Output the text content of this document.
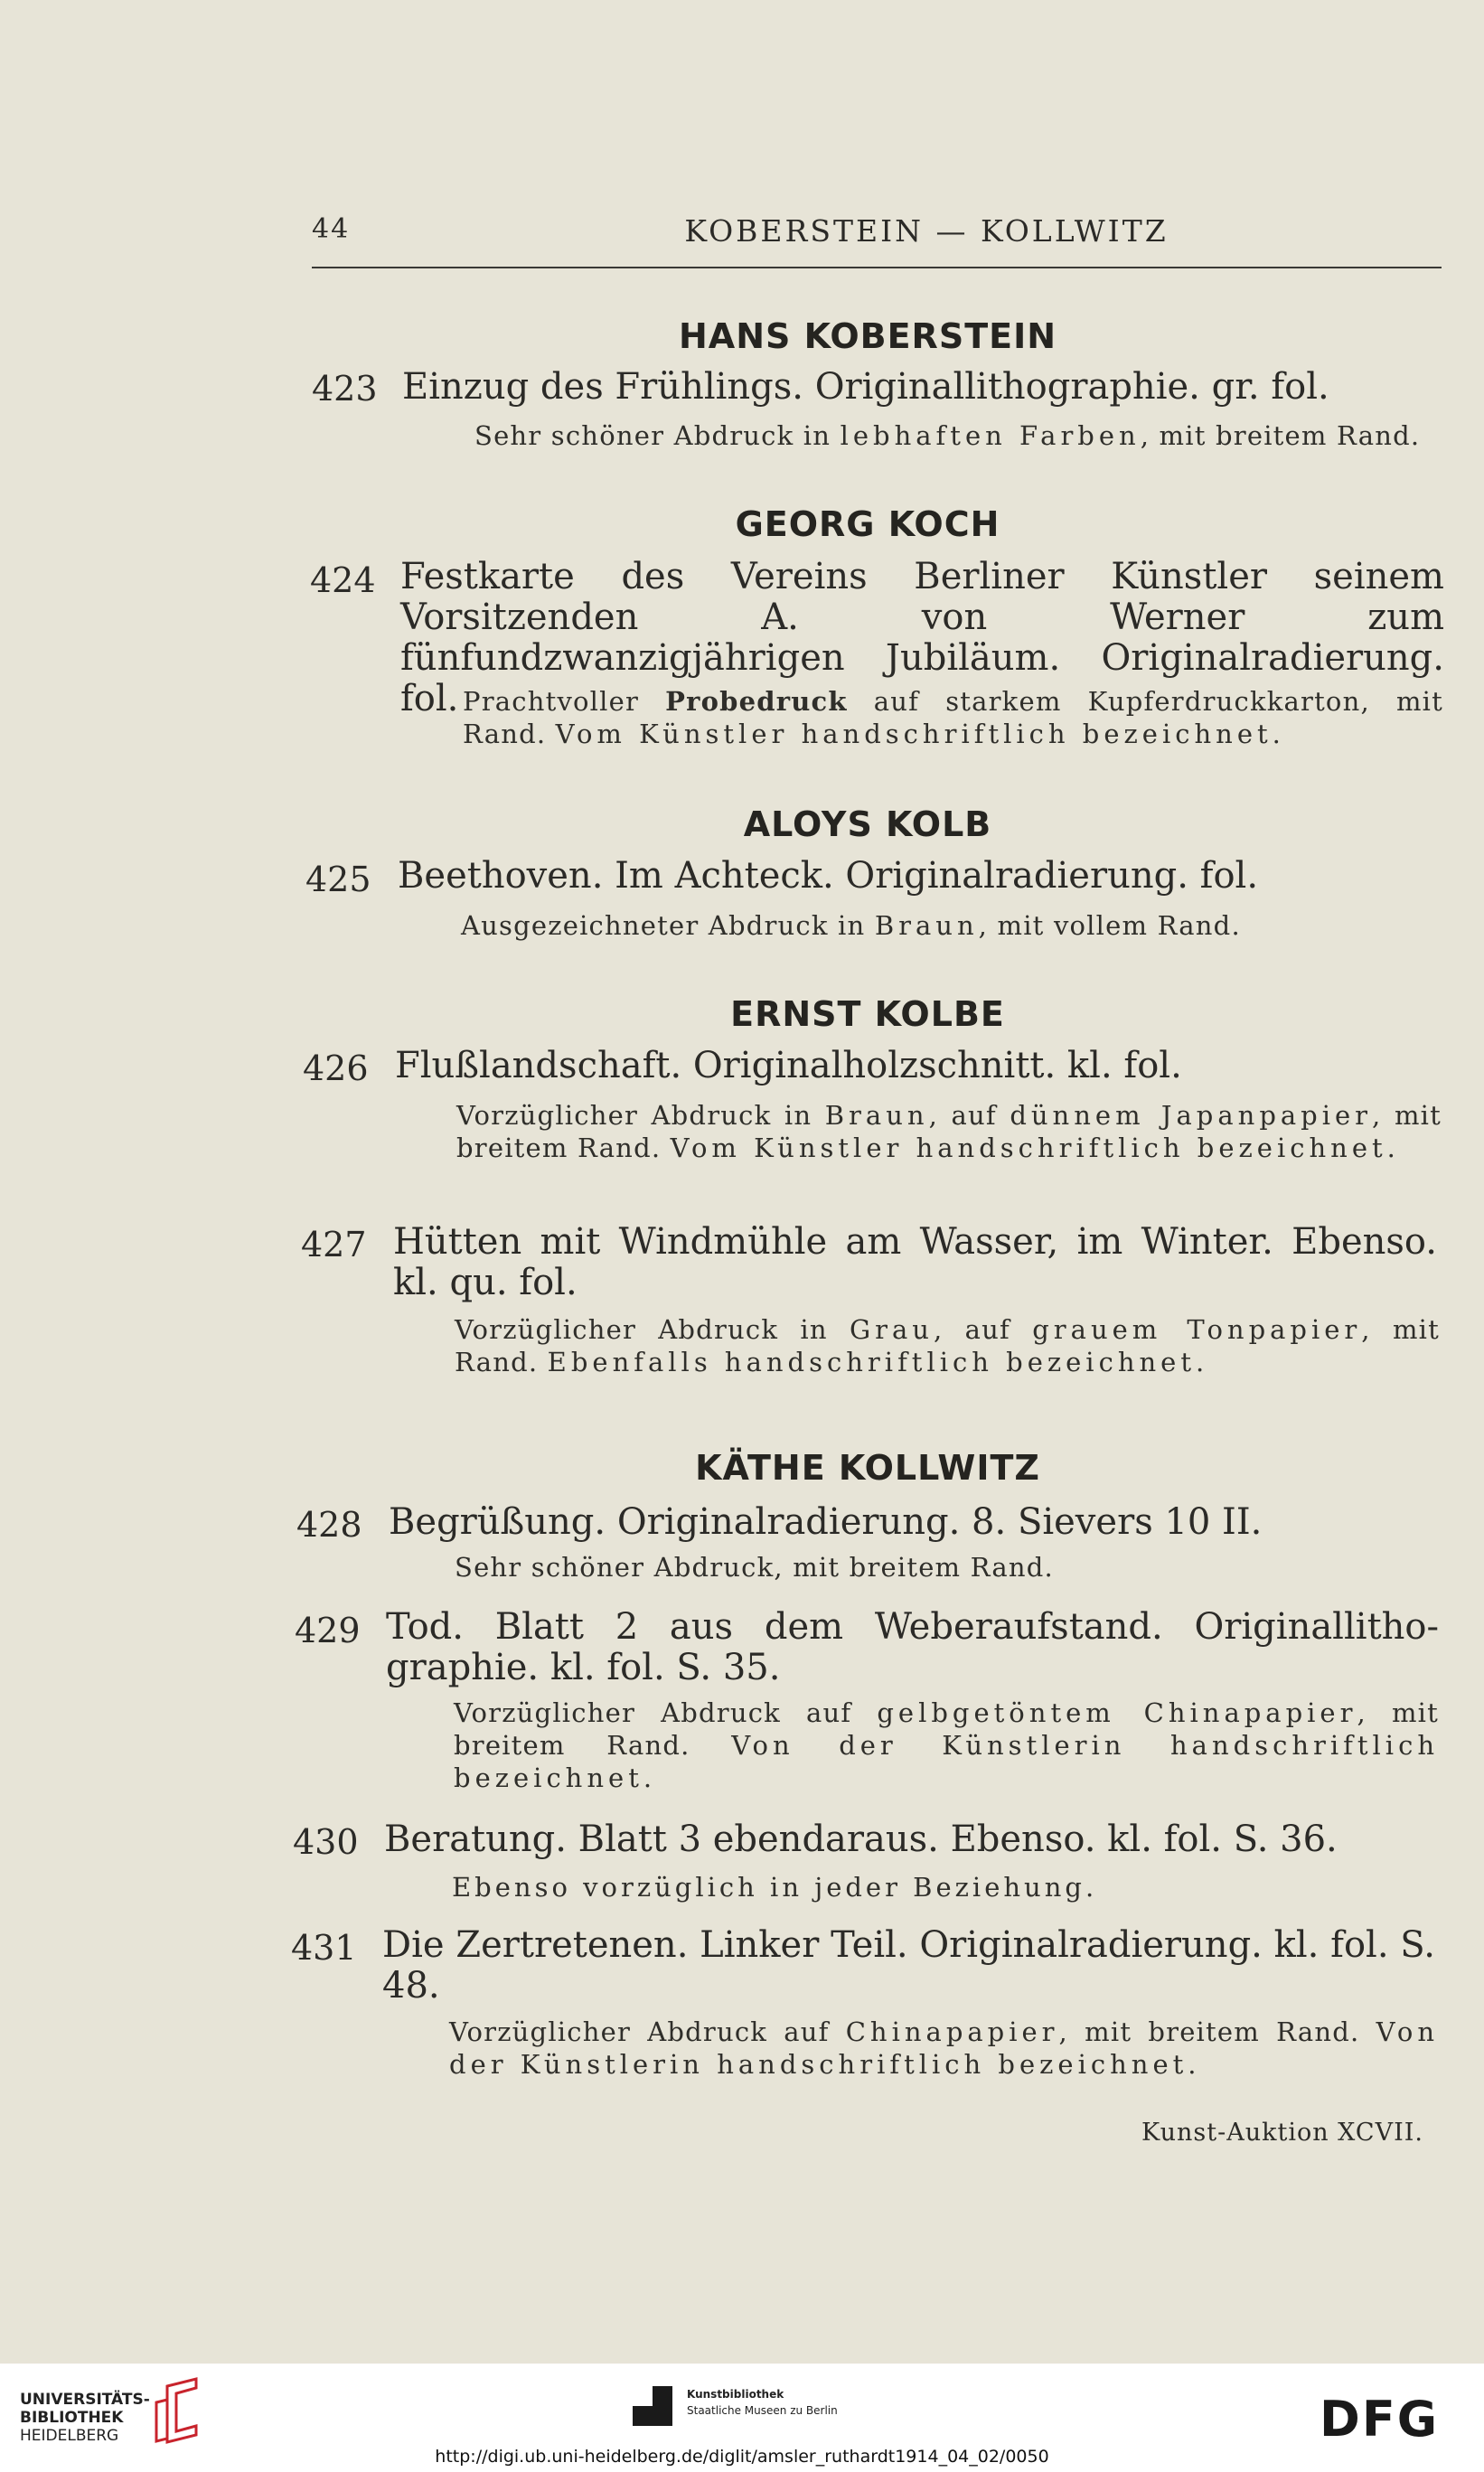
44	KOBERSTEIN — KOLLWITZ
HANS KOBERSTEIN
423 Einzug des Frühlings. Originallithographie. gr. fol.
Sehr schöner Abdruck in lebhaften Farben, mit breitem Rand.
GEORG KOCH
424 Festkarte des Vereins Berliner Künstler seinem Vorsitzenden A. von Werner zum fünfundzwanzigjährigen Jubiläum. Originalradierung. fol. Prachtvoller Probedruck auf starkem Kupferdruckkarton, mit Rand. Vom Künstler handschriftlich bezeichnet.
ALOYS KOLB
425 Beethoven. Im Achteck. Originalradierung. fol.
Ausgezeichneter Abdruck in Braun, mit vollem Rand.
ERNST KOLBE
426 Flußlandschaft. Originalholzschnitt. kl. fol.
Vorzüglicher Abdruck in Braun, auf dünnem Japanpapier, mit breitem Rand. Vom Künstler handschriftlich bezeichnet.
427 Hütten mit Windmühle am Wasser, im Winter. Ebenso. kl. qu. fol.
Vorzüglicher Abdruck in Grau, auf grauem Tonpapier, mit Rand. Ebenfalls handschriftlich bezeichnet.
KÄTHE KOLLWITZ
428 Begrüßung. Originalradierung. 8. Sievers 10 II.
Sehr schöner Abdruck, mit breitem Rand.
429 Tod. Blatt 2 aus dem Weberaufstand. Originallitho-graphie. kl. fol. S. 35.
Vorzüglicher Abdruck auf gelbgetöntem Chinapapier, mit breitem Rand. Von der Künstlerin handschriftlich bezeichnet.
430 Beratung. Blatt 3 ebendaraus. Ebenso. kl. fol. S. 36.
Ebenso vorzüglich in jeder Beziehung.
431 Die Zertretenen. Linker Teil. Originalradierung. kl. fol. S. 48.
Vorzüglicher Abdruck auf Chinapapier, mit breitem Rand. Von der Künstlerin handschriftlich bezeichnet.
Kunst-Auktion XCVII.
UNIVERSITÄTS-
BIBLIOTHEK
HEIDELBERG
Kunstbibliothek
Staatliche Museen zu Berlin	DFG
http://digi.ub.uni-heidelberg.de/diglit/amsler_ruthardt1914_04_02/0050
